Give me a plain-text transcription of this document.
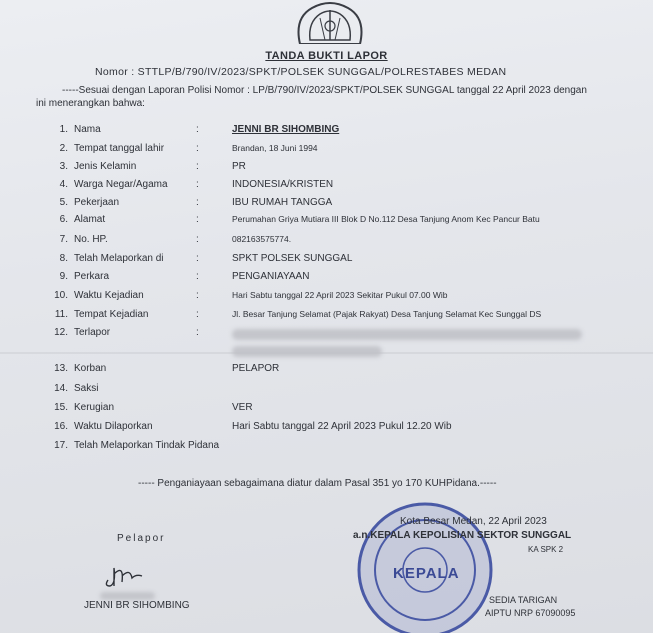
TANDA BUKTI LAPOR
Nomor : STTLP/B/790/IV/2023/SPKT/POLSEK SUNGGAL/POLRESTABES MEDAN
-----Sesuai dengan Laporan Polisi Nomor : LP/B/790/IV/2023/SPKT/POLSEK SUNGGAL tanggal 22 April 2023 dengan
ini menerangkan bahwa:
1. Nama	:	JENNI BR SIHOMBING
2. Tempat tanggal lahir	:	Brandan, 18 Juni 1994
3. Jenis Kelamin	:	PR
4. Warga Negar/Agama	:	INDONESIA/KRISTEN
5. Pekerjaan	:	IBU RUMAH TANGGA
6. Alamat	:	Perumahan Griya Mutiara III Blok D No.112 Desa Tanjung Anom Kec Pancur Batu
7. No. HP.	:	082163575774.
8. Telah Melaporkan di	:	SPKT POLSEK SUNGGAL
9. Perkara	:	PENGANIAYAAN
10. Waktu Kejadian	:	Hari Sabtu tanggal 22 April 2023 Sekitar Pukul 07.00 Wib
11. Tempat Kejadian	:	Jl. Besar Tanjung Selamat (Pajak Rakyat) Desa Tanjung Selamat Kec Sunggal DS
12. Terlapor	:
13. Korban	PELAPOR
14. Saksi
15. Kerugian	VER
16. Waktu Dilaporkan	Hari Sabtu tanggal 22 April 2023 Pukul 12.20 Wib
17. Telah Melaporkan Tindak Pidana
----- Penganiayaan sebagaimana diatur dalam Pasal 351 yo 170 KUHPidana.-----
KEPALA
Kota Besar Medan, 22 April 2023
a.n.KEPALA KEPOLISIAN SEKTOR SUNGGAL
KA SPK 2
Pelapor
JENNI BR SIHOMBING	SEDIA TARIGAN
AIPTU NRP 67090095
